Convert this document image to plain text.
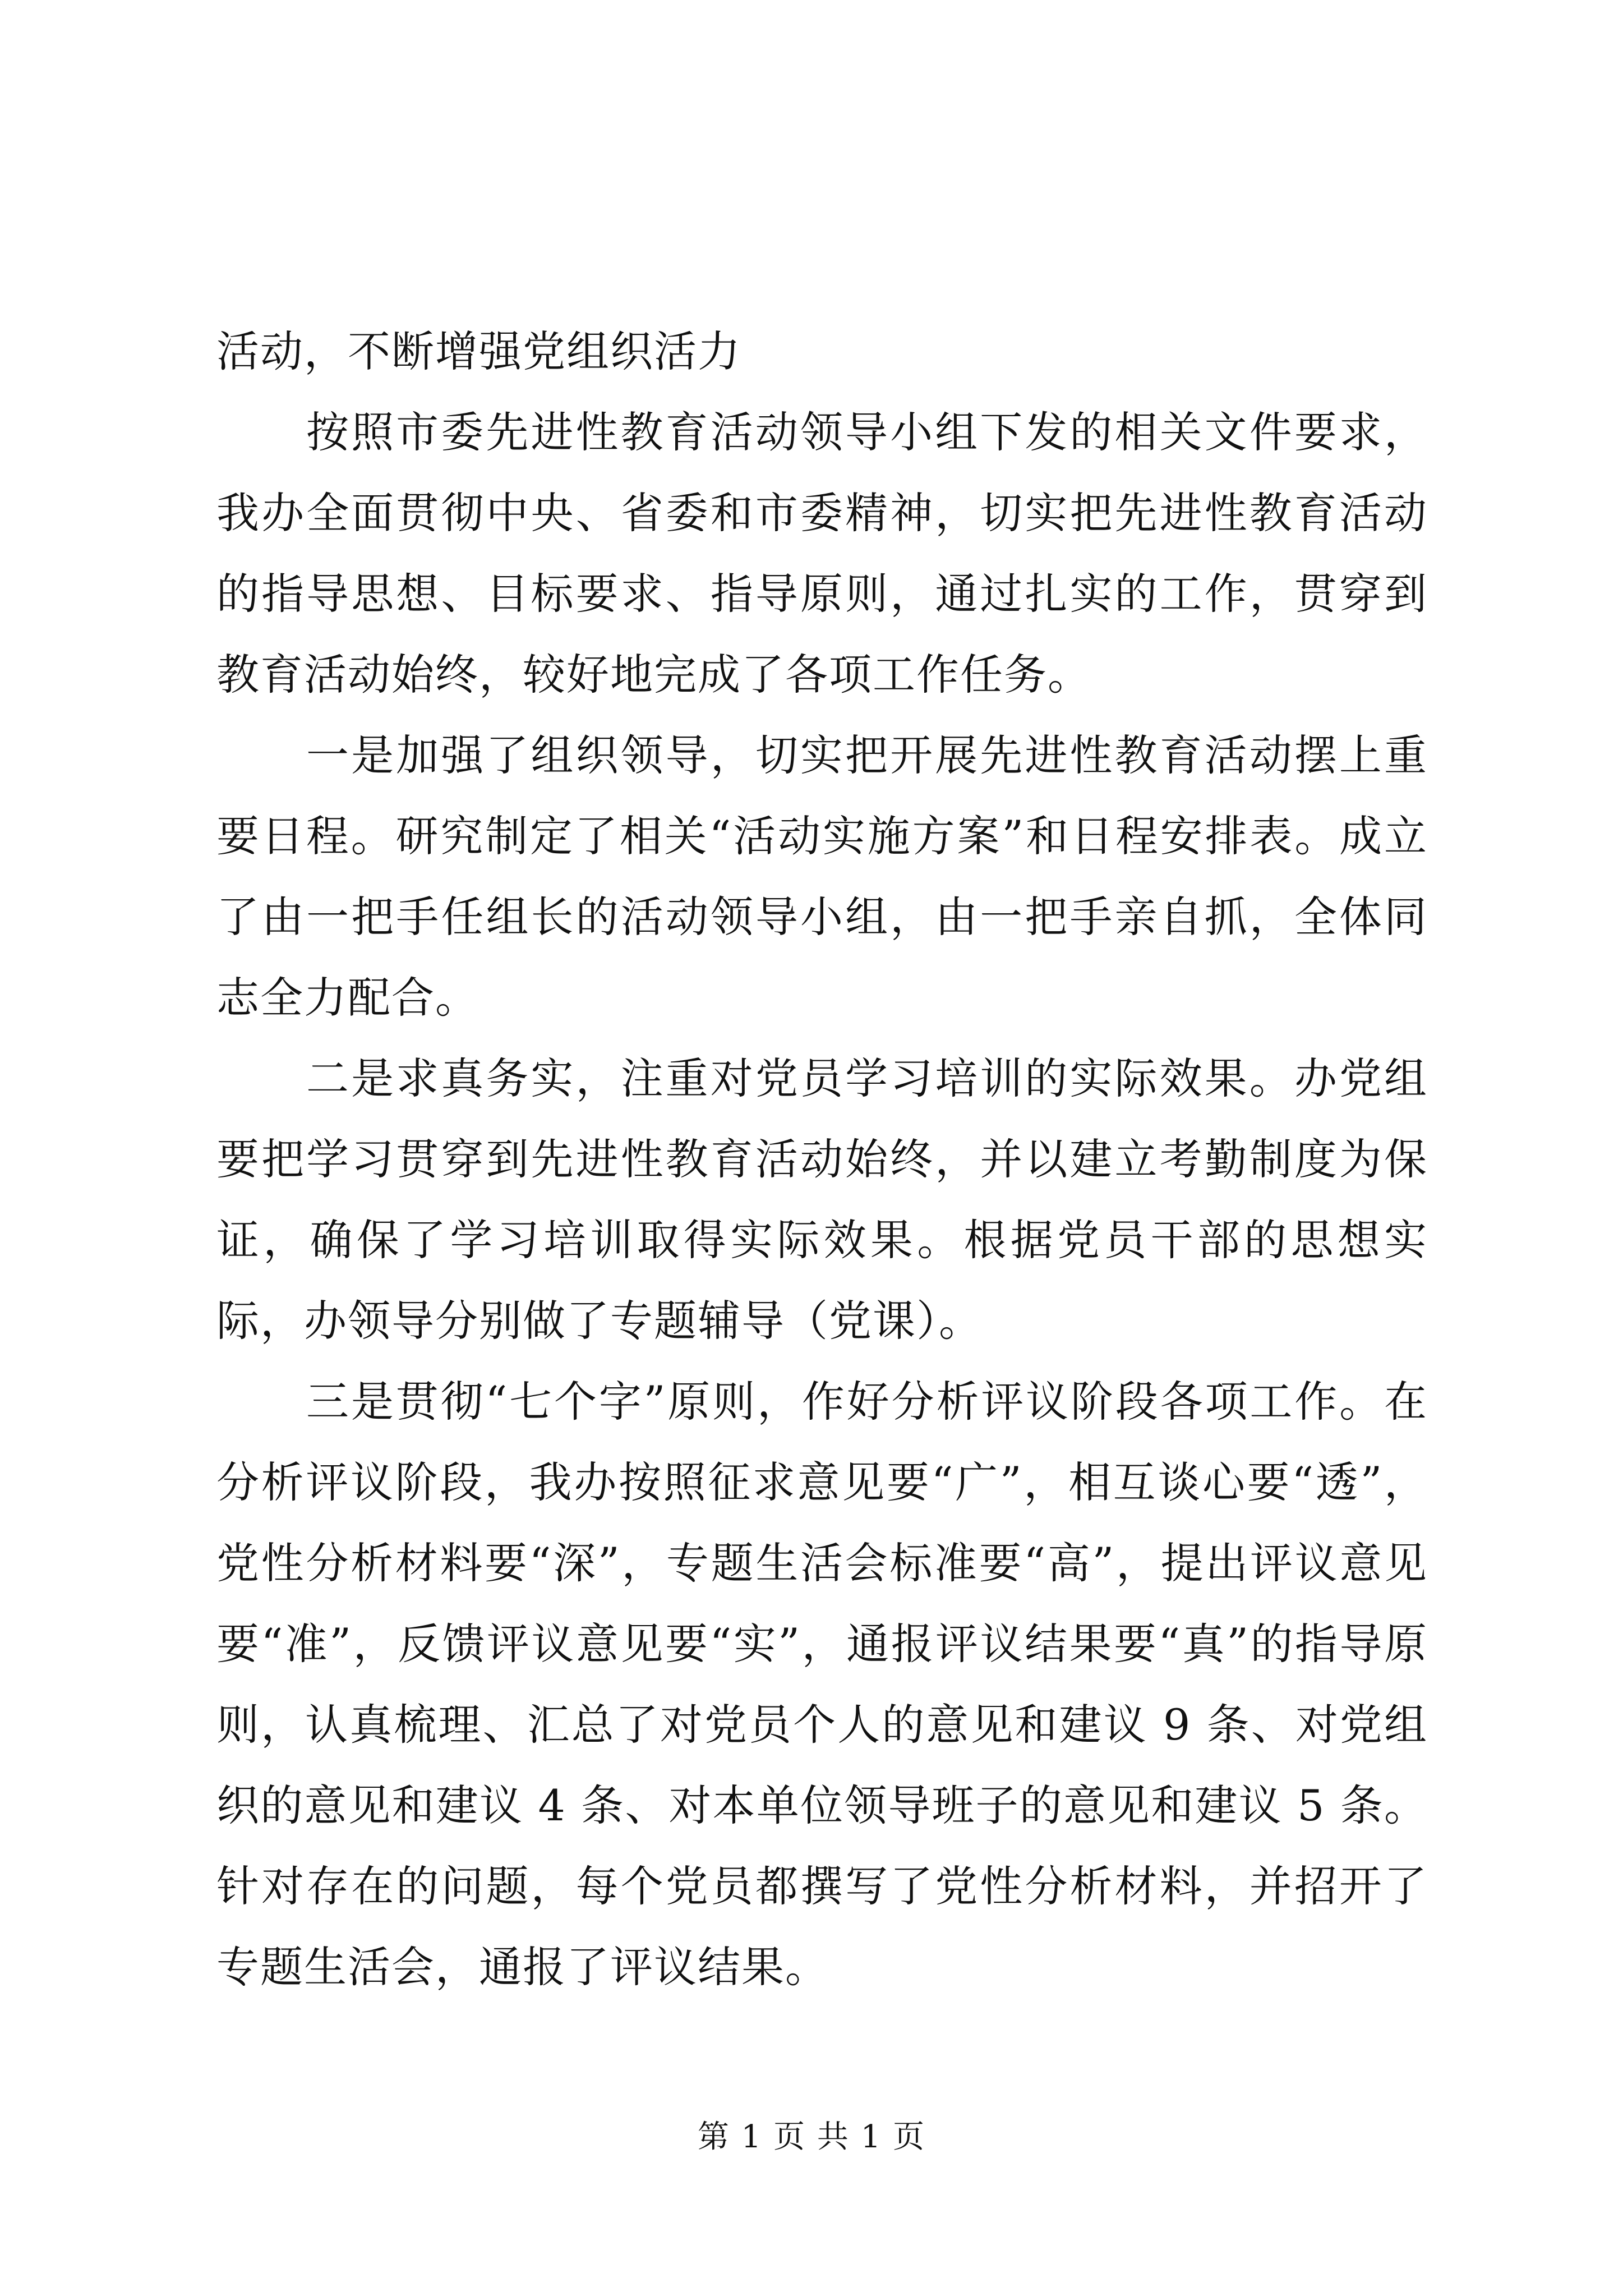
活动，不断增强党组织活力

按照市委先进性教育活动领导小组下发的相关文件要求，我办全面贯彻中央、省委和市委精神，切实把先进性教育活动的指导思想、目标要求、指导原则，通过扎实的工作，贯穿到教育活动始终，较好地完成了各项工作任务。

一是加强了组织领导，切实把开展先进性教育活动摆上重要日程。研究制定了相关“活动实施方案”和日程安排表。成立了由一把手任组长的活动领导小组，由一把手亲自抓，全体同志全力配合。

二是求真务实，注重对党员学习培训的实际效果。办党组要把学习贯穿到先进性教育活动始终，并以建立考勤制度为保证，确保了学习培训取得实际效果。根据党员干部的思想实际，办领导分别做了专题辅导（党课）。

三是贯彻“七个字”原则，作好分析评议阶段各项工作。在分析评议阶段，我办按照征求意见要“广”，相互谈心要“透”，党性分析材料要“深”，专题生活会标准要“高”，提出评议意见要“准”，反馈评议意见要“实”，通报评议结果要“真”的指导原则，认真梳理、汇总了对党员个人的意见和建议 9 条、对党组织的意见和建议 4 条、对本单位领导班子的意见和建议 5 条。针对存在的问题，每个党员都撰写了党性分析材料，并招开了专题生活会，通报了评议结果。

第 1 页 共 1 页
